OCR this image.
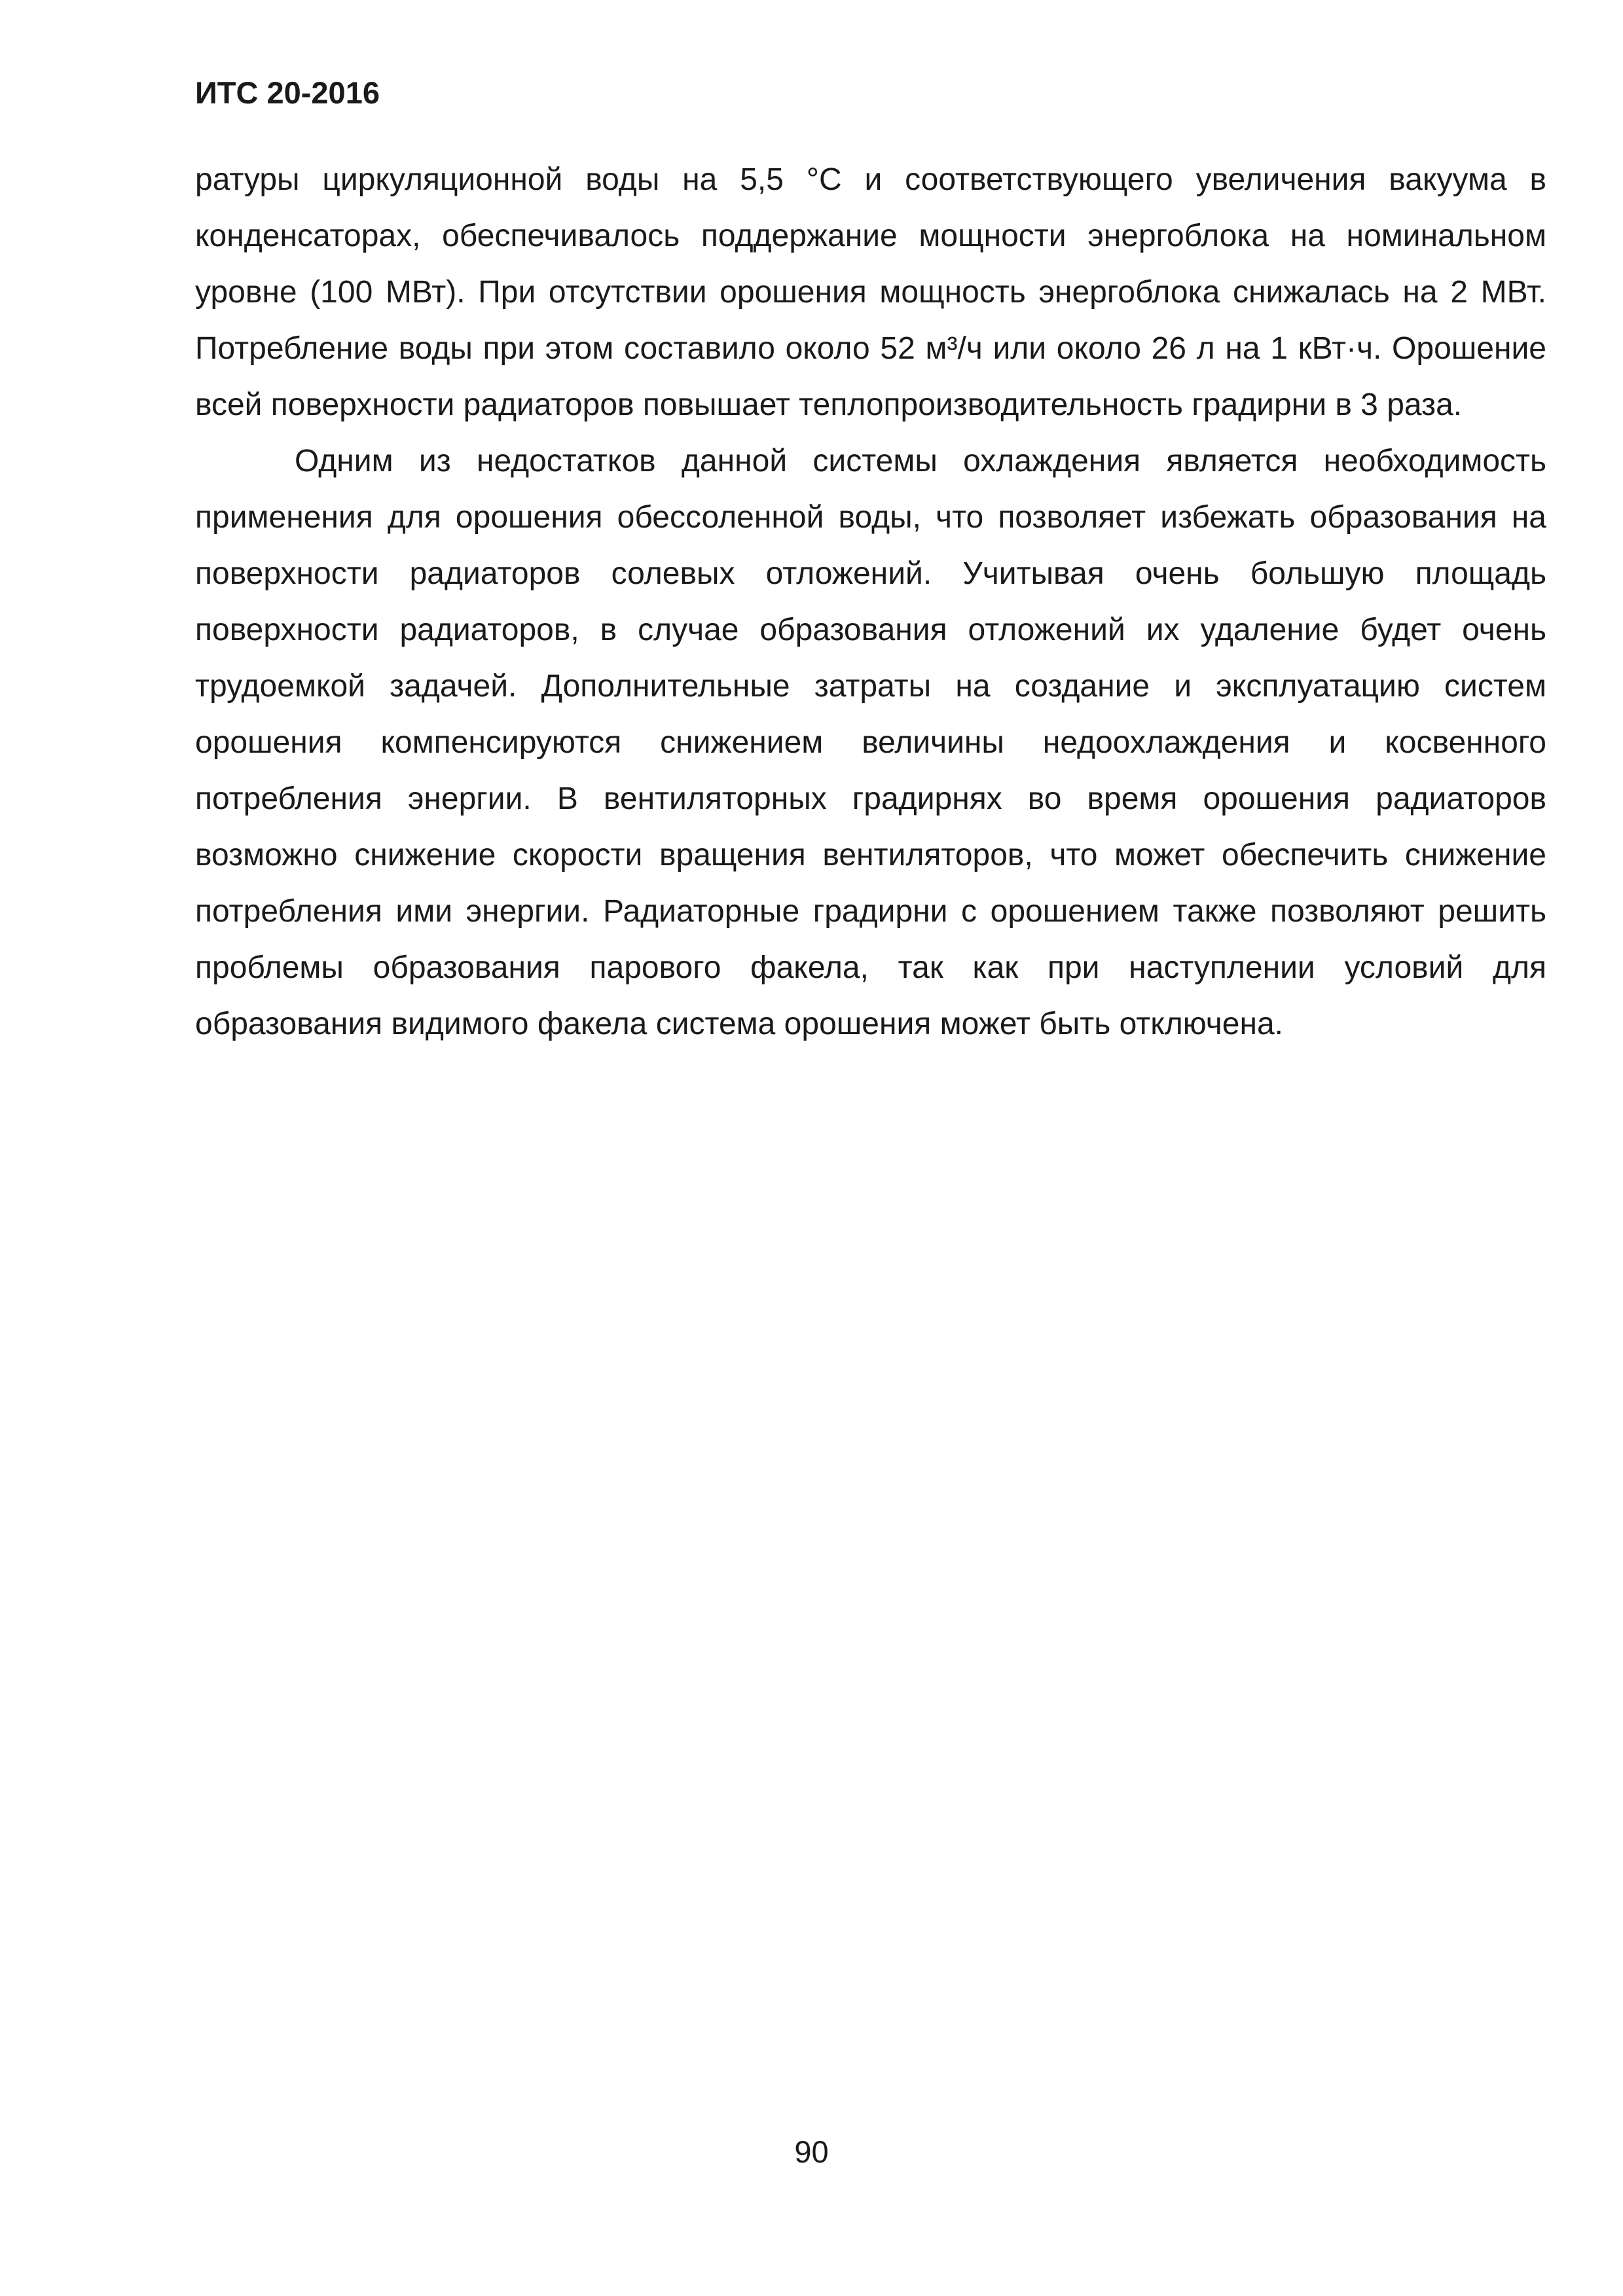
ИТС 20-2016

ратуры циркуляционной воды на 5,5 °С и соответствующего увеличения вакуума в конденсаторах, обеспечивалось поддержание мощности энергоблока на номинальном уровне (100 МВт). При отсутствии орошения мощность энергоблока снижалась на 2 МВт. Потребление воды при этом составило около 52 м³/ч или около 26 л на 1 кВт·ч. Орошение всей поверхности радиаторов повышает теплопроизводительность градирни в 3 раза.

Одним из недостатков данной системы охлаждения является необходимость применения для орошения обессоленной воды, что позволяет избежать образования на поверхности радиаторов солевых отложений. Учитывая очень большую площадь поверхности радиаторов, в случае образования отложений их удаление будет очень трудоемкой задачей. Дополнительные затраты на создание и эксплуатацию систем орошения компенсируются снижением величины недоохлаждения и косвенного потребления энергии. В вентиляторных градирнях во время орошения радиаторов возможно снижение скорости вращения вентиляторов, что может обеспечить снижение потребления ими энергии. Радиаторные градирни с орошением также позволяют решить проблемы образования парового факела, так как при наступлении условий для образования видимого факела система орошения может быть отключена.

90
